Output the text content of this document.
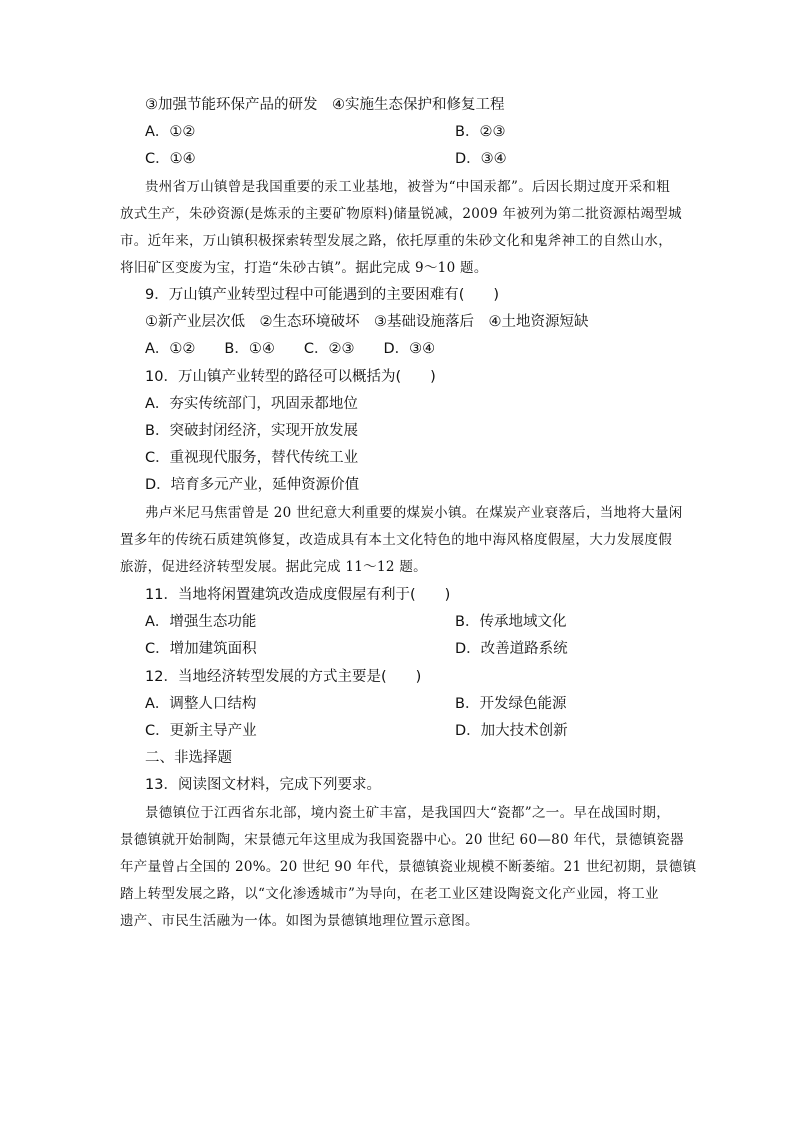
③加强节能环保产品的研发　④实施生态保护和修复工程
A．①②	B．②③
C．①④	D．③④
贵州省万山镇曾是我国重要的汞工业基地，被誉为“中国汞都”。后因长期过度开采和粗
放式生产，朱砂资源(是炼汞的主要矿物原料)储量锐减，2009 年被列为第二批资源枯竭型城
市。近年来，万山镇积极探索转型发展之路，依托厚重的朱砂文化和鬼斧神工的自然山水，
将旧矿区变废为宝，打造“朱砂古镇”。据此完成 9～10 题。
9．万山镇产业转型过程中可能遇到的主要困难有(　　)
①新产业层次低　②生态环境破坏　③基础设施落后　④土地资源短缺
A．①②　　B．①④　　C．②③　　D．③④
10．万山镇产业转型的路径可以概括为(　　)
A．夯实传统部门，巩固汞都地位
B．突破封闭经济，实现开放发展
C．重视现代服务，替代传统工业
D．培育多元产业，延伸资源价值
弗卢米尼马焦雷曾是 20 世纪意大利重要的煤炭小镇。在煤炭产业衰落后，当地将大量闲
置多年的传统石质建筑修复，改造成具有本土文化特色的地中海风格度假屋，大力发展度假
旅游，促进经济转型发展。据此完成 11～12 题。
11．当地将闲置建筑改造成度假屋有利于(　　)
A．增强生态功能	B．传承地域文化
C．增加建筑面积	D．改善道路系统
12．当地经济转型发展的方式主要是(　　)
A．调整人口结构	B．开发绿色能源
C．更新主导产业	D．加大技术创新
二、非选择题
13．阅读图文材料，完成下列要求。
景德镇位于江西省东北部，境内瓷土矿丰富，是我国四大“瓷都”之一。早在战国时期，
景德镇就开始制陶，宋景德元年这里成为我国瓷器中心。20 世纪 60—80 年代，景德镇瓷器
年产量曾占全国的 20%。20 世纪 90 年代，景德镇瓷业规模不断萎缩。21 世纪初期，景德镇
踏上转型发展之路，以“文化渗透城市”为导向，在老工业区建设陶瓷文化产业园，将工业
遗产、市民生活融为一体。如图为景德镇地理位置示意图。
